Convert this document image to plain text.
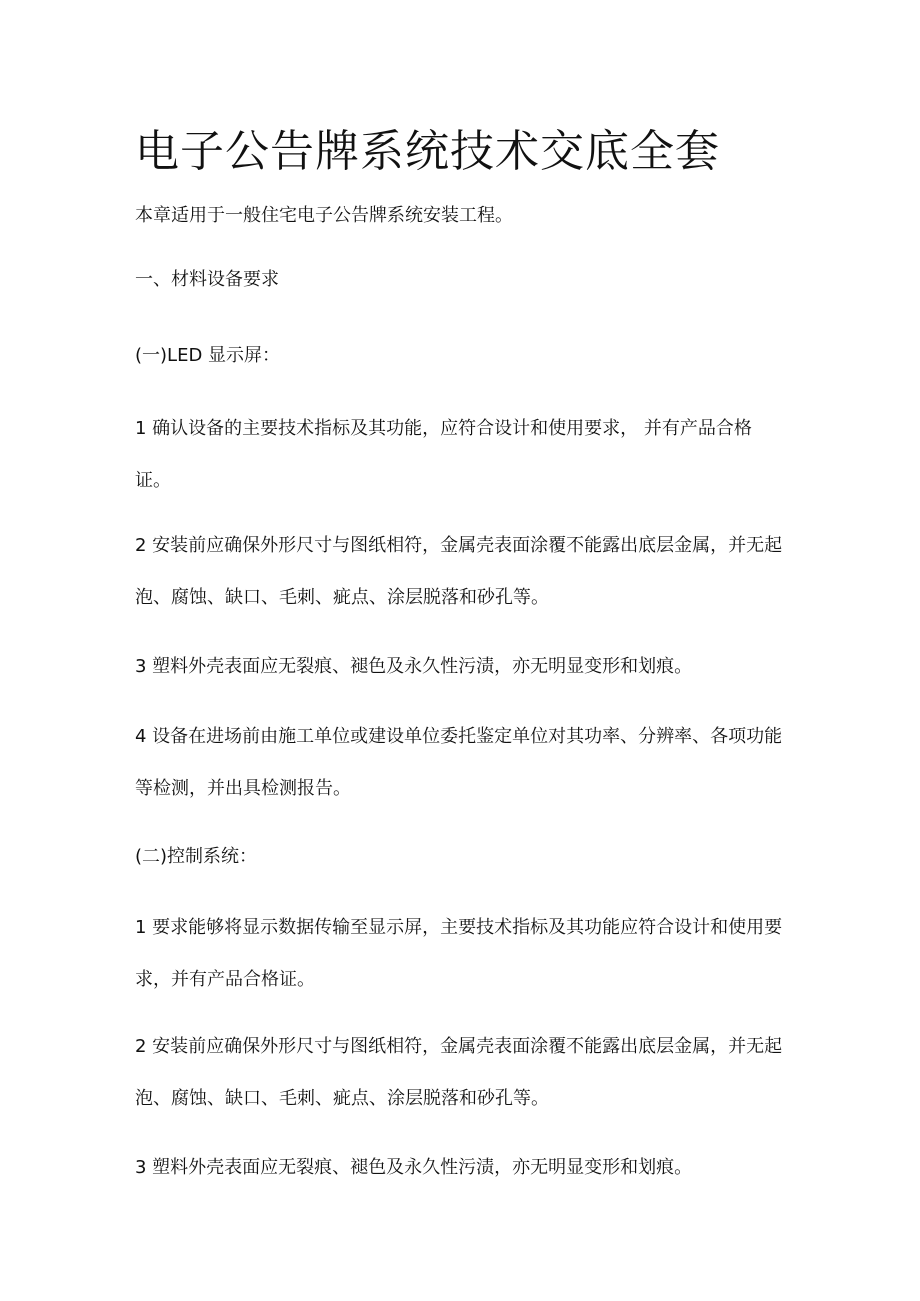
电子公告牌系统技术交底全套

本章适用于一般住宅电子公告牌系统安装工程。

一、材料设备要求

(一)LED 显示屏：

1 确认设备的主要技术指标及其功能，应符合设计和使用要求， 并有产品合格证。

2 安装前应确保外形尺寸与图纸相符，金属壳表面涂覆不能露出底层金属，并无起泡、腐蚀、缺口、毛刺、疵点、涂层脱落和砂孔等。

3 塑料外壳表面应无裂痕、褪色及永久性污渍，亦无明显变形和划痕。

4 设备在进场前由施工单位或建设单位委托鉴定单位对其功率、分辨率、各项功能等检测，并出具检测报告。

(二)控制系统：

1 要求能够将显示数据传输至显示屏，主要技术指标及其功能应符合设计和使用要求，并有产品合格证。

2 安装前应确保外形尺寸与图纸相符，金属壳表面涂覆不能露出底层金属，并无起泡、腐蚀、缺口、毛刺、疵点、涂层脱落和砂孔等。

3 塑料外壳表面应无裂痕、褪色及永久性污渍，亦无明显变形和划痕。
